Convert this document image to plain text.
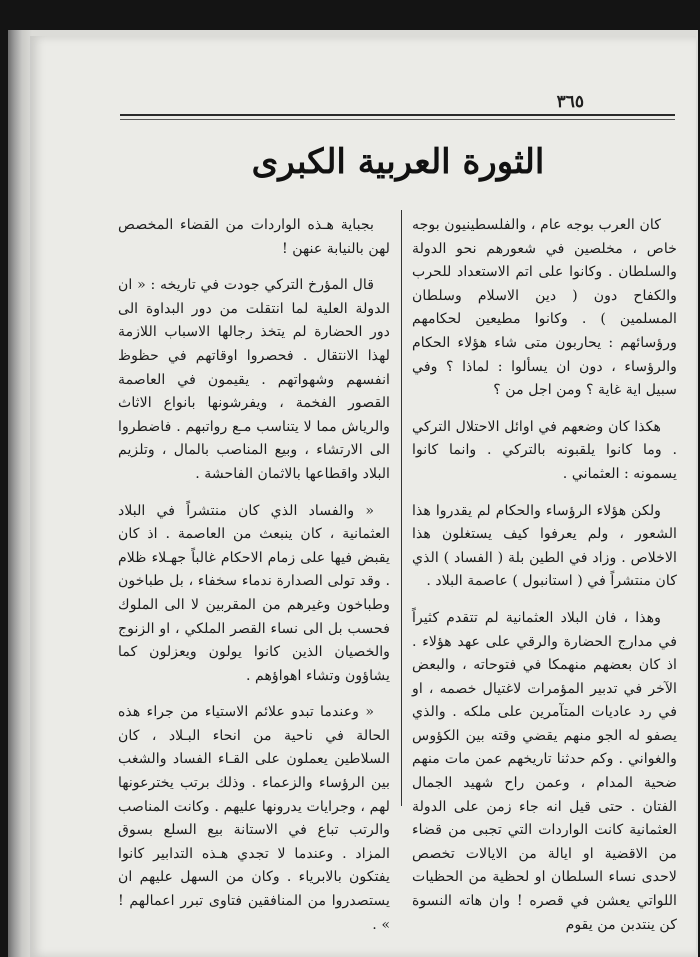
٣٦٥
الثورة العربية الكبرى

كان العرب بوجه عام ، والفلسطينيون بوجه خاص ، مخلصين في شعورهم نحو الدولة والسلطان . وكانوا على اتم الاستعداد للحرب والكفاح دون ( دين الاسلام وسلطان المسلمين ) . وكانوا مطيعين لحكامهم ورؤسائهم : يحاربون متى شاء هؤلاء الحكام والرؤساء ، دون ان يسألوا : لماذا ؟ وفي سبيل اية غاية ؟ ومن اجل من ؟

هكذا كان وضعهم في اوائل الاحتلال التركي . وما كانوا يلقبونه بالتركي . وانما كانوا يسمونه : العثماني .

ولكن هؤلاء الرؤساء والحكام لم يقدروا هذا الشعور ، ولم يعرفوا كيف يستغلون هذا الاخلاص . وزاد في الطين بلة ( الفساد ) الذي كان منتشراً في ( استانبول ) عاصمة البلاد .

وهذا ، فان البلاد العثمانية لم تتقدم كثيراً في مدارج الحضارة والرقي على عهد هؤلاء . اذ كان بعضهم منهمكا في فتوحاته ، والبعض الآخر في تدبير المؤمرات لاغتيال خصمه ، او في رد عاديات المتآمرين على ملكه . والذي يصفو له الجو منهم يقضي وقته بين الكؤوس والغواني . وكم حدثنا تاريخهم عمن مات منهم ضحية المدام ، وعمن راح شهيد الجمال الفتان . حتى قيل انه جاء زمن على الدولة العثمانية كانت الواردات التي تجبى من قضاء من الاقضية او ايالة من الايالات تخصص لاحدى نساء السلطان او لحظية من الحظيات اللواتي يعشن في قصره ! وان هاته النسوة كن ينتدبن من يقوم

بجباية هـذه الواردات من القضاء المخصص لهن بالنيابة عنهن !

قال المؤرخ التركي جودت في تاريخه : « ان الدولة العلية لما انتقلت من دور البداوة الى دور الحضارة لم يتخذ رجالها الاسباب اللازمة لهذا الانتقال . فحصروا اوقاتهم في حظوظ انفسهم وشهواتهم . يقيمون في العاصمة القصور الفخمة ، ويفرشونها بانواع الاثاث والرياش مما لا يتناسب مـع رواتبهم . فاضطروا الى الارتشاء ، وبيع المناصب بالمال ، وتلزيم البلاد واقطاعها بالاثمان الفاحشة .

« والفساد الذي كان منتشراً في البلاد العثمانية ، كان ينبعث من العاصمة . اذ كان يقبض فيها على زمام الاحكام غالباً جهـلاء ظلام . وقد تولى الصدارة ندماء سخفاء ، بل طباخون وطباخون وغيرهم من المقربين لا الى الملوك فحسب بل الى نساء القصر الملكي ، او الزنوج والخصيان الذين كانوا يولون ويعزلون كما يشاؤون وتشاء اهواؤهم .

« وعندما تبدو علائم الاستياء من جراء هذه الحالة في ناحية من انحاء البـلاد ، كان السلاطين يعملون على القـاء الفساد والشغب بين الرؤساء والزعماء . وذلك برتب يخترعونها لهم ، وجرايات يدرونها عليهم . وكانت المناصب والرتب تباع في الاستانة بيع السلع بسوق المزاد . وعندما لا تجدي هـذه التدابير كانوا يفتكون بالابرياء . وكان من السهل عليهم ان يستصدروا من المنافقين فتاوى تبرر اعمالهم ! » .
